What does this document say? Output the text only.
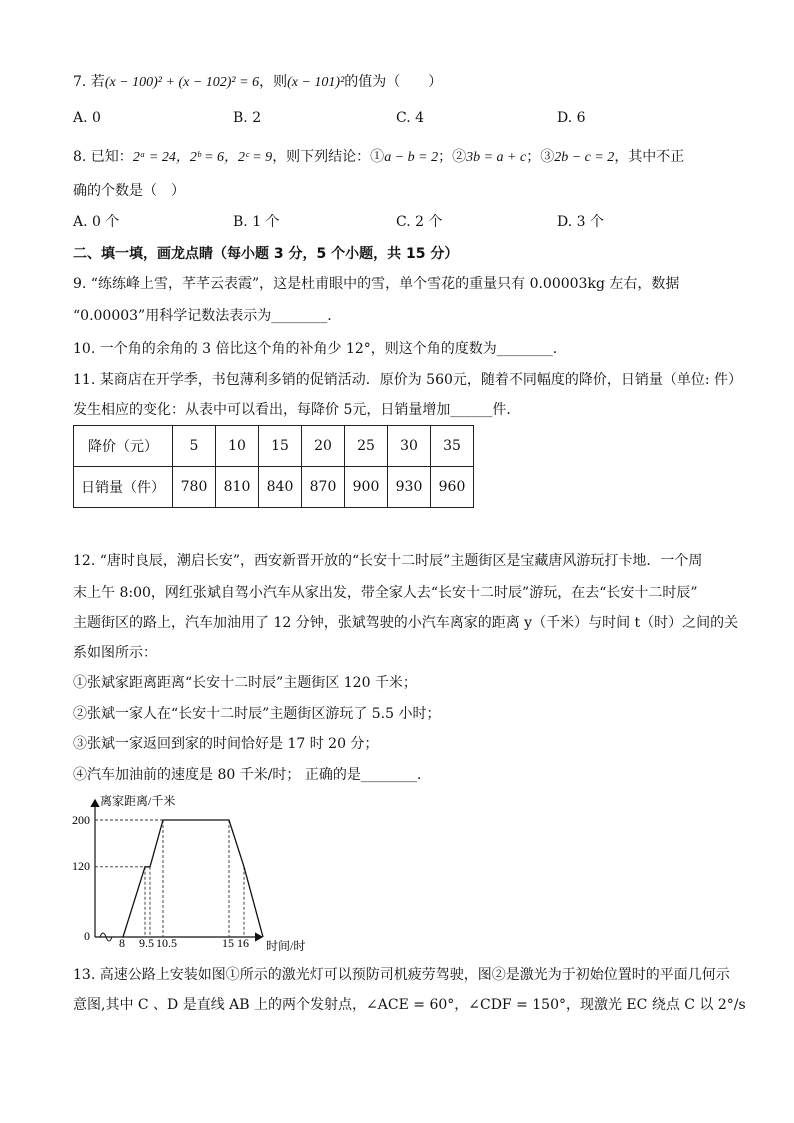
7. 若(x − 100)² + (x − 102)² = 6，则(x − 101)²的值为（　　）
A. 0	B. 2	C. 4	D. 6
8. 已知：2ᵃ = 24，2ᵇ = 6，2ᶜ = 9，则下列结论：①a − b = 2；②3b = a + c；③2b − c = 2，其中不正
确的个数是（　）
A. 0 个	B. 1 个	C. 2 个	D. 3 个
二、填一填，画龙点睛（每小题 3 分，5 个小题，共 15 分）
9. “练练峰上雪，芊芊云表霞”，这是杜甫眼中的雪，单个雪花的重量只有 0.00003kg 左右，数据
“0.00003”用科学记数法表示为________.
10. 一个角的余角的 3 倍比这个角的补角少 12°，则这个角的度数为________.
11. 某商店在开学季，书包薄利多销的促销活动．原价为 560元，随着不同幅度的降价，日销量（单位: 件）
发生相应的变化：从表中可以看出，每降价 5元，日销量增加______件．
降价（元）	5	10	15	20	25	30	35
日销量（件）	780	810	840	870	900	930	960
12. “唐时良辰，潮启长安”，西安新晋开放的“长安十二时辰”主题街区是宝藏唐风游玩打卡地．一个周
末上午 8:00，网红张斌自驾小汽车从家出发，带全家人去“长安十二时辰”游玩，在去“长安十二时辰”
主题街区的路上，汽车加油用了 12 分钟，张斌驾驶的小汽车离家的距离 y（千米）与时间 t（时）之间的关
系如图所示：
①张斌家距离距离“长安十二时辰”主题街区 120 千米；
②张斌一家人在“长安十二时辰”主题街区游玩了 5.5 小时；
③张斌一家返回到家的时间恰好是 17 时 20 分；
④汽车加油前的速度是 80 千米/时； 正确的是________.
离家距离/千米
时间/时
200
120
0 8 9.5 10.5	15 16
13. 高速公路上安装如图①所示的激光灯可以预防司机疲劳驾驶，图②是激光为于初始位置时的平面几何示
意图,其中 C 、D 是直线 AB 上的两个发射点，∠ACE = 60°，∠CDF = 150°，现激光 EC 绕点 C 以 2°/s
